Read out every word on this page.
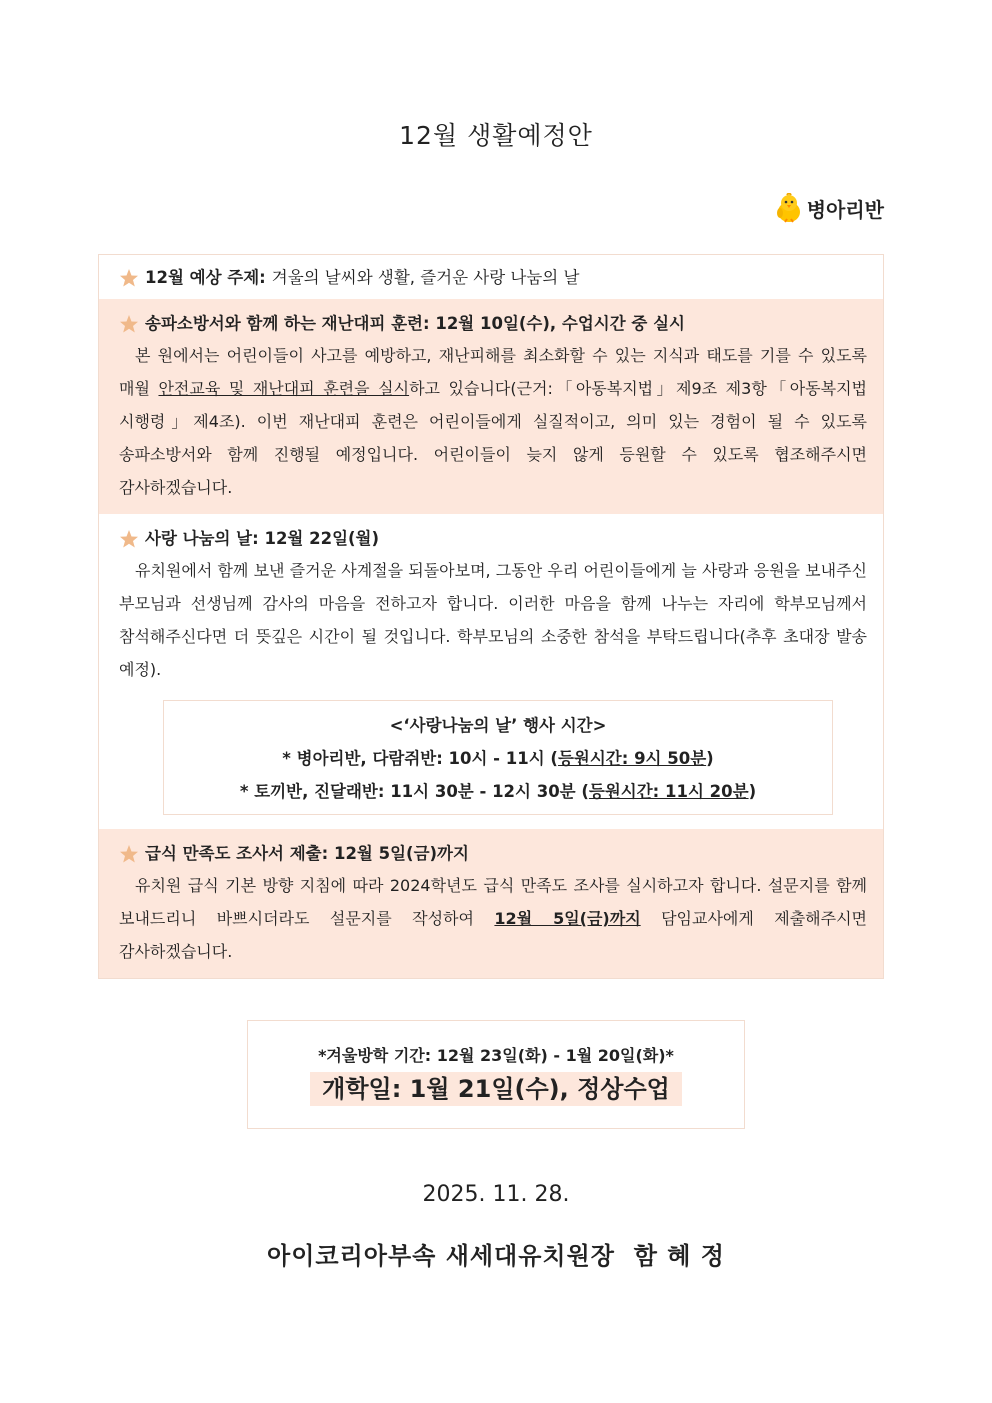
12월 생활예정안
병아리반
12월 예상 주제: 겨울의 날씨와 생활, 즐거운 사랑 나눔의 날
송파소방서와 함께 하는 재난대피 훈련: 12월 10일(수), 수업시간 중 실시
본 원에서는 어린이들이 사고를 예방하고, 재난피해를 최소화할 수 있는 지식과 태도를 기를 수 있도록 매월 안전교육 및 재난대피 훈련을 실시하고 있습니다(근거:「아동복지법」제9조 제3항「아동복지법 시행령」제4조). 이번 재난대피 훈련은 어린이들에게 실질적이고, 의미 있는 경험이 될 수 있도록 송파소방서와 함께 진행될 예정입니다. 어린이들이 늦지 않게 등원할 수 있도록 협조해주시면 감사하겠습니다.
사랑 나눔의 날: 12월 22일(월)
유치원에서 함께 보낸 즐거운 사계절을 되돌아보며, 그동안 우리 어린이들에게 늘 사랑과 응원을 보내주신 부모님과 선생님께 감사의 마음을 전하고자 합니다. 이러한 마음을 함께 나누는 자리에 학부모님께서 참석해주신다면 더 뜻깊은 시간이 될 것입니다. 학부모님의 소중한 참석을 부탁드립니다(추후 초대장 발송 예정).
<‘사랑나눔의 날’ 행사 시간>
* 병아리반, 다람쥐반: 10시 - 11시 (등원시간: 9시 50분)
* 토끼반, 진달래반: 11시 30분 - 12시 30분 (등원시간: 11시 20분)
급식 만족도 조사서 제출: 12월 5일(금)까지
유치원 급식 기본 방향 지침에 따라 2024학년도 급식 만족도 조사를 실시하고자 합니다. 설문지를 함께 보내드리니 바쁘시더라도 설문지를 작성하여 12월 5일(금)까지 담임교사에게 제출해주시면 감사하겠습니다.
*겨울방학 기간: 12월 23일(화) - 1월 20일(화)*
개학일: 1월 21일(수), 정상수업
2025. 11. 28.
아이코리아부속 새세대유치원장  함 혜 정
